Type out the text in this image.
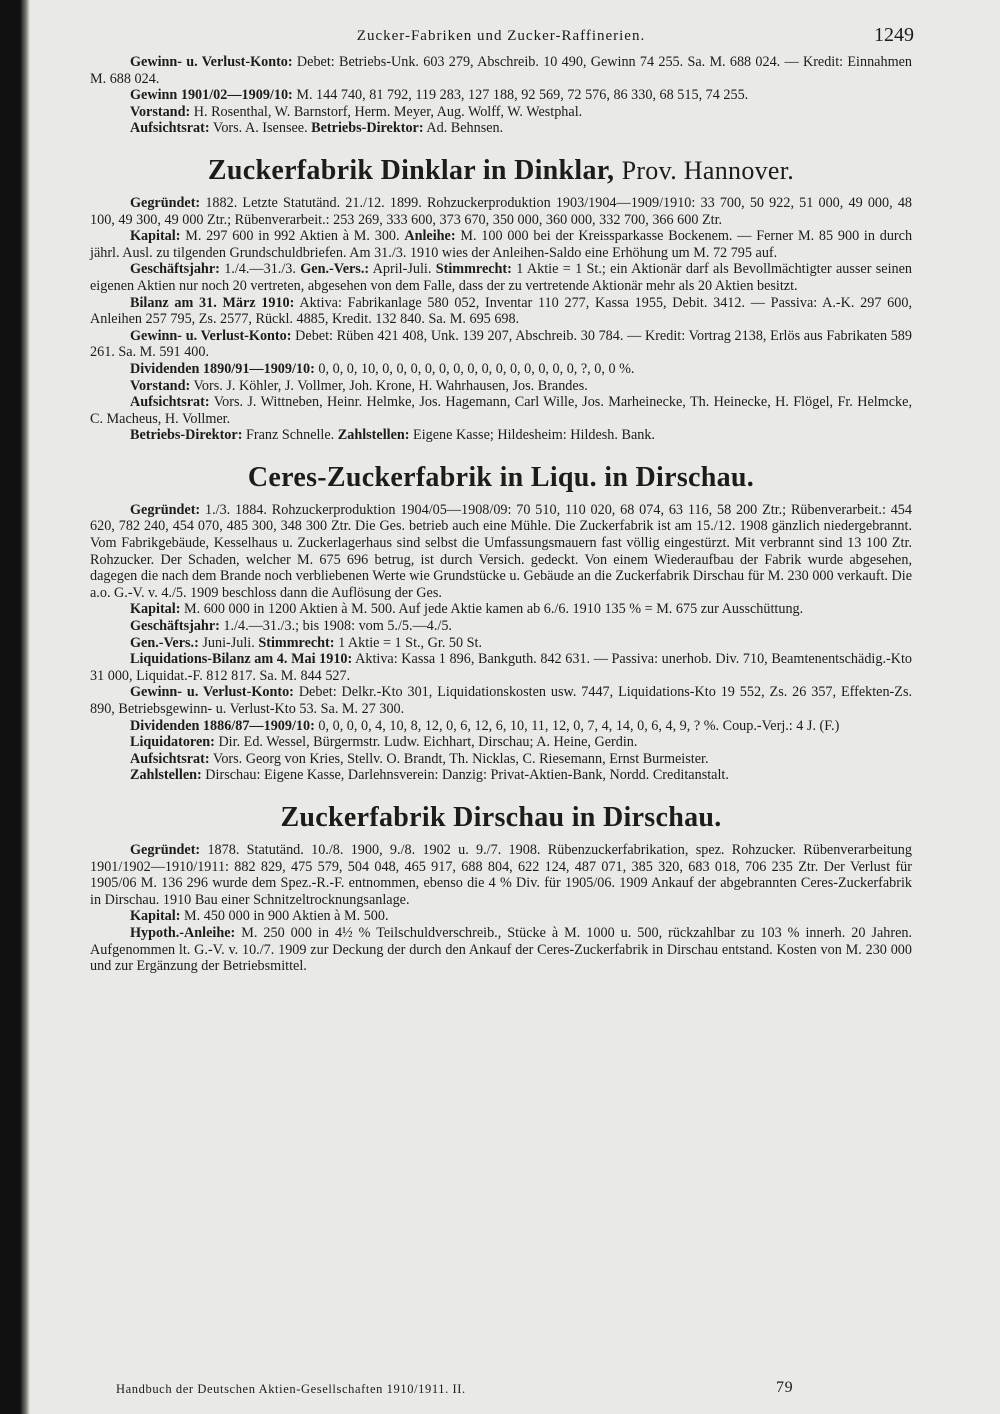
Zucker-Fabriken und Zucker-Raffinerien.	1249

Gewinn- u. Verlust-Konto: Debet: Betriebs-Unk. 603 279, Abschreib. 10 490, Gewinn 74 255. Sa. M. 688 024. — Kredit: Einnahmen M. 688 024.

Gewinn 1901/02—1909/10: M. 144 740, 81 792, 119 283, 127 188, 92 569, 72 576, 86 330, 68 515, 74 255.

Vorstand: H. Rosenthal, W. Barnstorf, Herm. Meyer, Aug. Wolff, W. Westphal.

Aufsichtsrat: Vors. A. Isensee. Betriebs-Direktor: Ad. Behnsen.

Zuckerfabrik Dinklar in Dinklar, Prov. Hannover.

Gegründet: 1882. Letzte Statutänd. 21./12. 1899. Rohzuckerproduktion 1903/1904—1909/1910: 33 700, 50 922, 51 000, 49 000, 48 100, 49 300, 49 000 Ztr.; Rübenverarbeit.: 253 269, 333 600, 373 670, 350 000, 360 000, 332 700, 366 600 Ztr.

Kapital: M. 297 600 in 992 Aktien à M. 300. Anleihe: M. 100 000 bei der Kreissparkasse Bockenem. — Ferner M. 85 900 in durch jährl. Ausl. zu tilgenden Grundschuldbriefen. Am 31./3. 1910 wies der Anleihen-Saldo eine Erhöhung um M. 72 795 auf.

Geschäftsjahr: 1./4.—31./3. Gen.-Vers.: April-Juli. Stimmrecht: 1 Aktie = 1 St.; ein Aktionär darf als Bevollmächtigter ausser seinen eigenen Aktien nur noch 20 vertreten, abgesehen von dem Falle, dass der zu vertretende Aktionär mehr als 20 Aktien besitzt.

Bilanz am 31. März 1910: Aktiva: Fabrikanlage 580 052, Inventar 110 277, Kassa 1955, Debit. 3412. — Passiva: A.-K. 297 600, Anleihen 257 795, Zs. 2577, Rückl. 4885, Kredit. 132 840. Sa. M. 695 698.

Gewinn- u. Verlust-Konto: Debet: Rüben 421 408, Unk. 139 207, Abschreib. 30 784. — Kredit: Vortrag 2138, Erlös aus Fabrikaten 589 261. Sa. M. 591 400.

Dividenden 1890/91—1909/10: 0, 0, 0, 10, 0, 0, 0, 0, 0, 0, 0, 0, 0, 0, 0, 0, 0, 0, ?, 0, 0 %.

Vorstand: Vors. J. Köhler, J. Vollmer, Joh. Krone, H. Wahrhausen, Jos. Brandes.

Aufsichtsrat: Vors. J. Wittneben, Heinr. Helmke, Jos. Hagemann, Carl Wille, Jos. Marheinecke, Th. Heinecke, H. Flögel, Fr. Helmcke, C. Macheus, H. Vollmer.

Betriebs-Direktor: Franz Schnelle. Zahlstellen: Eigene Kasse; Hildesheim: Hildesh. Bank.

Ceres-Zuckerfabrik in Liqu. in Dirschau.

Gegründet: 1./3. 1884. Rohzuckerproduktion 1904/05—1908/09: 70 510, 110 020, 68 074, 63 116, 58 200 Ztr.; Rübenverarbeit.: 454 620, 782 240, 454 070, 485 300, 348 300 Ztr. Die Ges. betrieb auch eine Mühle. Die Zuckerfabrik ist am 15./12. 1908 gänzlich niedergebrannt. Vom Fabrikgebäude, Kesselhaus u. Zuckerlagerhaus sind selbst die Umfassungsmauern fast völlig eingestürzt. Mit verbrannt sind 13 100 Ztr. Rohzucker. Der Schaden, welcher M. 675 696 betrug, ist durch Versich. gedeckt. Von einem Wiederaufbau der Fabrik wurde abgesehen, dagegen die nach dem Brande noch verbliebenen Werte wie Grundstücke u. Gebäude an die Zuckerfabrik Dirschau für M. 230 000 verkauft. Die a.o. G.-V. v. 4./5. 1909 beschloss dann die Auflösung der Ges.

Kapital: M. 600 000 in 1200 Aktien à M. 500. Auf jede Aktie kamen ab 6./6. 1910 135 % = M. 675 zur Ausschüttung.

Geschäftsjahr: 1./4.—31./3.; bis 1908: vom 5./5.—4./5.

Gen.-Vers.: Juni-Juli. Stimmrecht: 1 Aktie = 1 St., Gr. 50 St.

Liquidations-Bilanz am 4. Mai 1910: Aktiva: Kassa 1 896, Bankguth. 842 631. — Passiva: unerhob. Div. 710, Beamtenentschädig.-Kto 31 000, Liquidat.-F. 812 817. Sa. M. 844 527.

Gewinn- u. Verlust-Konto: Debet: Delkr.-Kto 301, Liquidationskosten usw. 7447, Liquidations-Kto 19 552, Zs. 26 357, Effekten-Zs. 890, Betriebsgewinn- u. Verlust-Kto 53. Sa. M. 27 300.

Dividenden 1886/87—1909/10: 0, 0, 0, 0, 4, 10, 8, 12, 0, 6, 12, 6, 10, 11, 12, 0, 7, 4, 14, 0, 6, 4, 9, ? %. Coup.-Verj.: 4 J. (F.)

Liquidatoren: Dir. Ed. Wessel, Bürgermstr. Ludw. Eichhart, Dirschau; A. Heine, Gerdin.

Aufsichtsrat: Vors. Georg von Kries, Stellv. O. Brandt, Th. Nicklas, C. Riesemann, Ernst Burmeister.

Zahlstellen: Dirschau: Eigene Kasse, Darlehnsverein: Danzig: Privat-Aktien-Bank, Nordd. Creditanstalt.

Zuckerfabrik Dirschau in Dirschau.

Gegründet: 1878. Statutänd. 10./8. 1900, 9./8. 1902 u. 9./7. 1908. Rübenzuckerfabrikation, spez. Rohzucker. Rübenverarbeitung 1901/1902—1910/1911: 882 829, 475 579, 504 048, 465 917, 688 804, 622 124, 487 071, 385 320, 683 018, 706 235 Ztr. Der Verlust für 1905/06 M. 136 296 wurde dem Spez.-R.-F. entnommen, ebenso die 4 % Div. für 1905/06. 1909 Ankauf der abgebrannten Ceres-Zuckerfabrik in Dirschau. 1910 Bau einer Schnitzeltrocknungsanlage.

Kapital: M. 450 000 in 900 Aktien à M. 500.

Hypoth.-Anleihe: M. 250 000 in 4½ % Teilschuldverschreib., Stücke à M. 1000 u. 500, rückzahlbar zu 103 % innerh. 20 Jahren. Aufgenommen lt. G.-V. v. 10./7. 1909 zur Deckung der durch den Ankauf der Ceres-Zuckerfabrik in Dirschau entstand. Kosten von M. 230 000 und zur Ergänzung der Betriebsmittel.

Handbuch der Deutschen Aktien-Gesellschaften 1910/1911. II.	79
